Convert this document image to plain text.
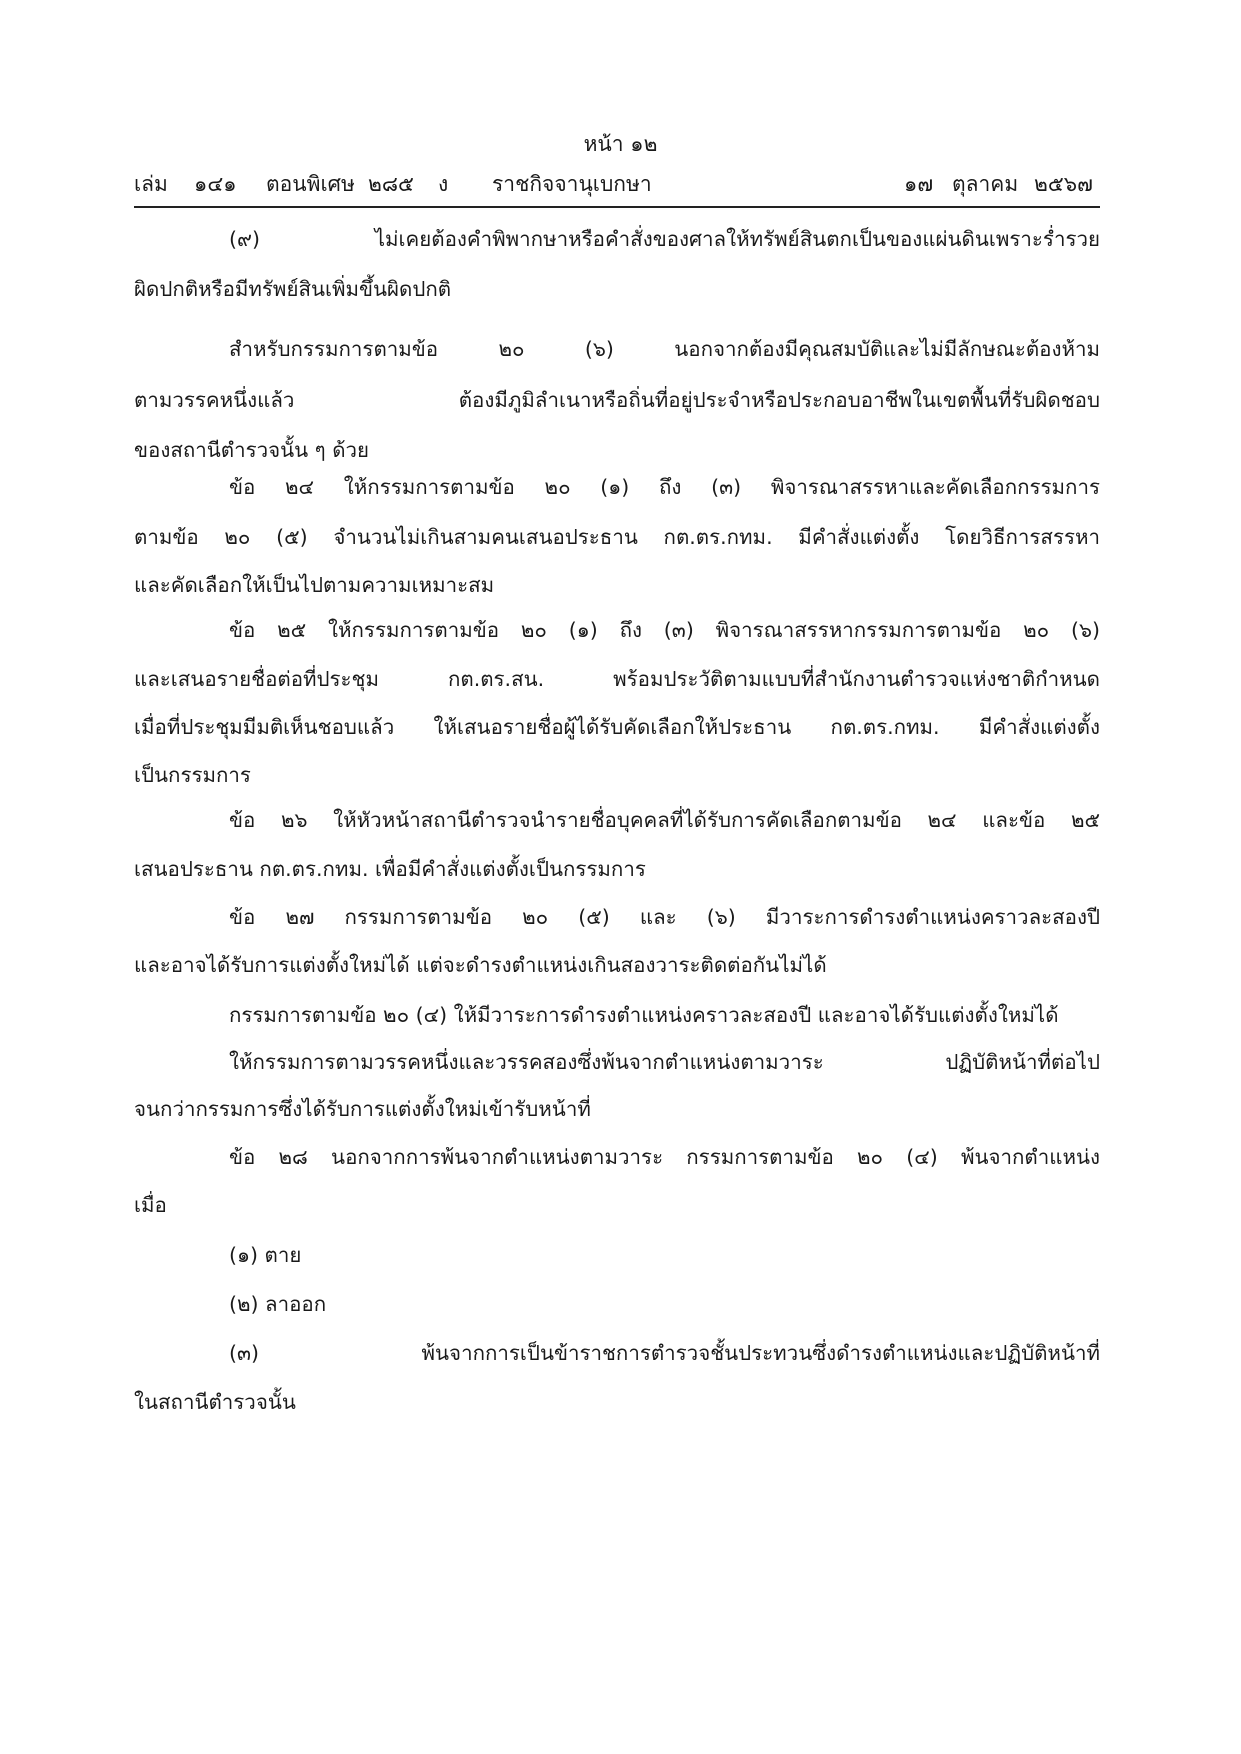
หน้า ๑๒
เล่ม ๑๔๑ ตอนพิเศษ ๒๘๕ ง ราชกิจจานุเบกษา	๑๗ ตุลาคม ๒๕๖๗
(๙) ไม่เคยต้องคำพิพากษาหรือคำสั่งของศาลให้ทรัพย์สินตกเป็นของแผ่นดินเพราะร่ำรวย
ผิดปกติหรือมีทรัพย์สินเพิ่มขึ้นผิดปกติ
สำหรับกรรมการตามข้อ ๒๐ (๖) นอกจากต้องมีคุณสมบัติและไม่มีลักษณะต้องห้าม
ตามวรรคหนึ่งแล้ว ต้องมีภูมิลำเนาหรือถิ่นที่อยู่ประจำหรือประกอบอาชีพในเขตพื้นที่รับผิดชอบ
ของสถานีตำรวจนั้น ๆ ด้วย
ข้อ ๒๔ ให้กรรมการตามข้อ ๒๐ (๑) ถึง (๓) พิจารณาสรรหาและคัดเลือกกรรมการ
ตามข้อ ๒๐ (๕) จำนวนไม่เกินสามคนเสนอประธาน กต.ตร.กทม. มีคำสั่งแต่งตั้ง โดยวิธีการสรรหา
และคัดเลือกให้เป็นไปตามความเหมาะสม
ข้อ ๒๕ ให้กรรมการตามข้อ ๒๐ (๑) ถึง (๓) พิจารณาสรรหากรรมการตามข้อ ๒๐ (๖)
และเสนอรายชื่อต่อที่ประชุม กต.ตร.สน. พร้อมประวัติตามแบบที่สำนักงานตำรวจแห่งชาติกำหนด
เมื่อที่ประชุมมีมติเห็นชอบแล้ว ให้เสนอรายชื่อผู้ได้รับคัดเลือกให้ประธาน กต.ตร.กทม. มีคำสั่งแต่งตั้ง
เป็นกรรมการ
ข้อ ๒๖ ให้หัวหน้าสถานีตำรวจนำรายชื่อบุคคลที่ได้รับการคัดเลือกตามข้อ ๒๔ และข้อ ๒๕
เสนอประธาน กต.ตร.กทม. เพื่อมีคำสั่งแต่งตั้งเป็นกรรมการ
ข้อ ๒๗ กรรมการตามข้อ ๒๐ (๕) และ (๖) มีวาระการดำรงตำแหน่งคราวละสองปี
และอาจได้รับการแต่งตั้งใหม่ได้ แต่จะดำรงตำแหน่งเกินสองวาระติดต่อกันไม่ได้
กรรมการตามข้อ ๒๐ (๔) ให้มีวาระการดำรงตำแหน่งคราวละสองปี และอาจได้รับแต่งตั้งใหม่ได้
ให้กรรมการตามวรรคหนึ่งและวรรคสองซึ่งพ้นจากตำแหน่งตามวาระ ปฏิบัติหน้าที่ต่อไป
จนกว่ากรรมการซึ่งได้รับการแต่งตั้งใหม่เข้ารับหน้าที่
ข้อ ๒๘ นอกจากการพ้นจากตำแหน่งตามวาระ กรรมการตามข้อ ๒๐ (๔) พ้นจากตำแหน่ง
เมื่อ
(๑) ตาย
(๒) ลาออก
(๓) พ้นจากการเป็นข้าราชการตำรวจชั้นประทวนซึ่งดำรงตำแหน่งและปฏิบัติหน้าที่
ในสถานีตำรวจนั้น
